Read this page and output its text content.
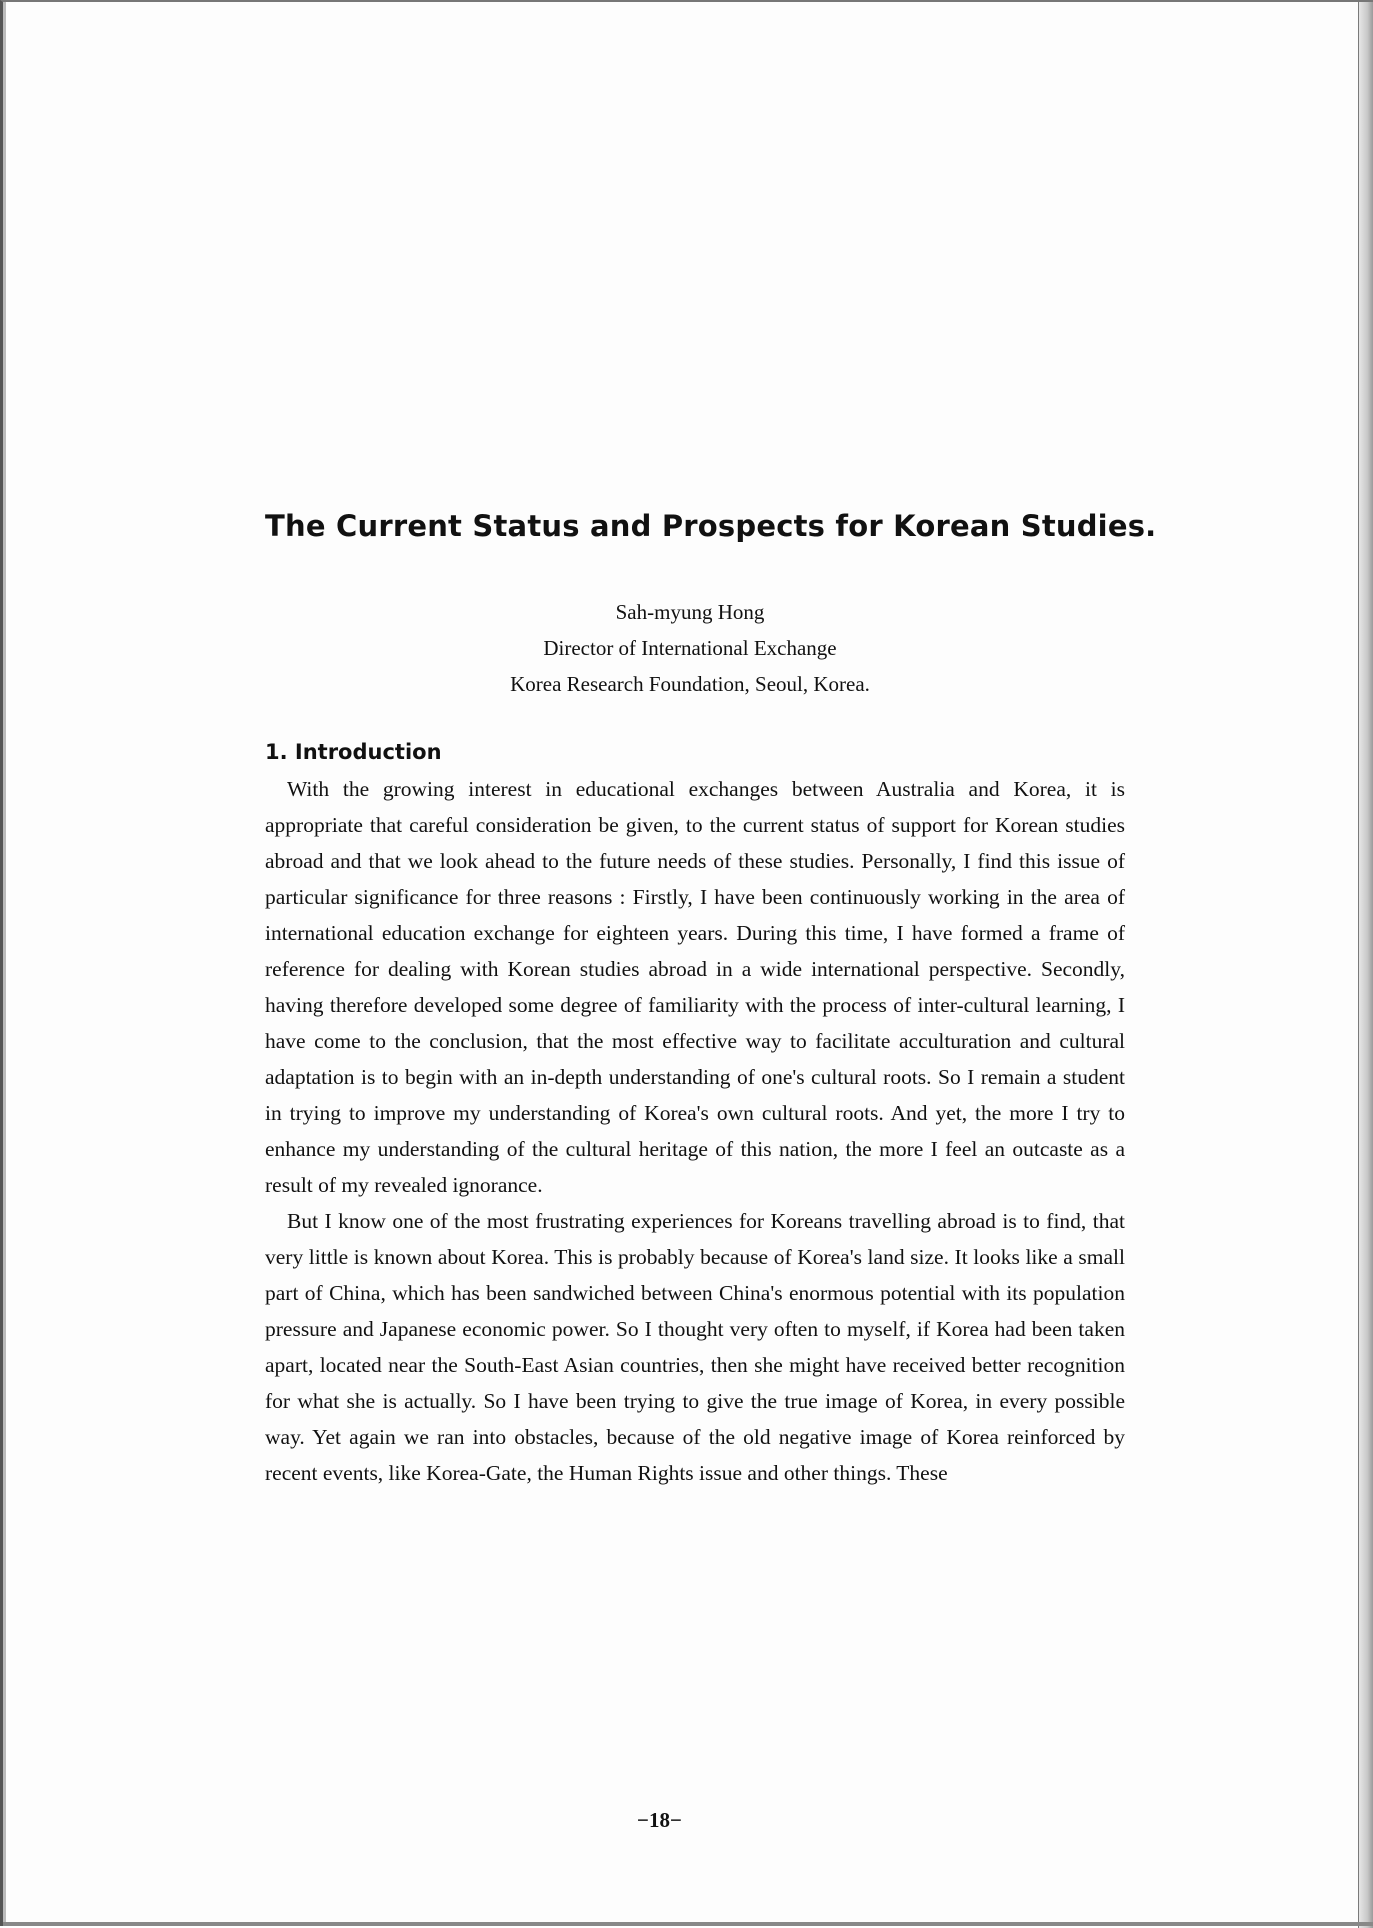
The Current Status and Prospects for Korean Studies.
Sah-myung Hong
Director of International Exchange
Korea Research Foundation, Seoul, Korea.
1. Introduction

With the growing interest in educational exchanges between Australia and Korea, it is appropriate that careful consideration be given, to the current status of support for Korean studies abroad and that we look ahead to the future needs of these studies. Personally, I find this issue of particular significance for three reasons : Firstly, I have been continuously working in the area of international education exchange for eighteen years. During this time, I have formed a frame of reference for dealing with Korean studies abroad in a wide international perspective. Secondly, having therefore developed some degree of familiarity with the process of inter-cultural learning, I have come to the conclusion, that the most effective way to facilitate acculturation and cultural adaptation is to begin with an in-depth understanding of one's cultural roots. So I remain a student in trying to improve my understanding of Korea's own cultural roots. And yet, the more I try to enhance my understanding of the cultural heritage of this nation, the more I feel an outcaste as a result of my revealed ignorance.

But I know one of the most frustrating experiences for Koreans travelling abroad is to find, that very little is known about Korea. This is probably because of Korea's land size. It looks like a small part of China, which has been sandwiched between China's enormous potential with its population pressure and Japanese economic power. So I thought very often to myself, if Korea had been taken apart, located near the South-East Asian countries, then she might have received better recognition for what she is actually. So I have been trying to give the true image of Korea, in every possible way. Yet again we ran into obstacles, because of the old negative image of Korea reinforced by recent events, like Korea-Gate, the Human Rights issue and other things. These

−18−
